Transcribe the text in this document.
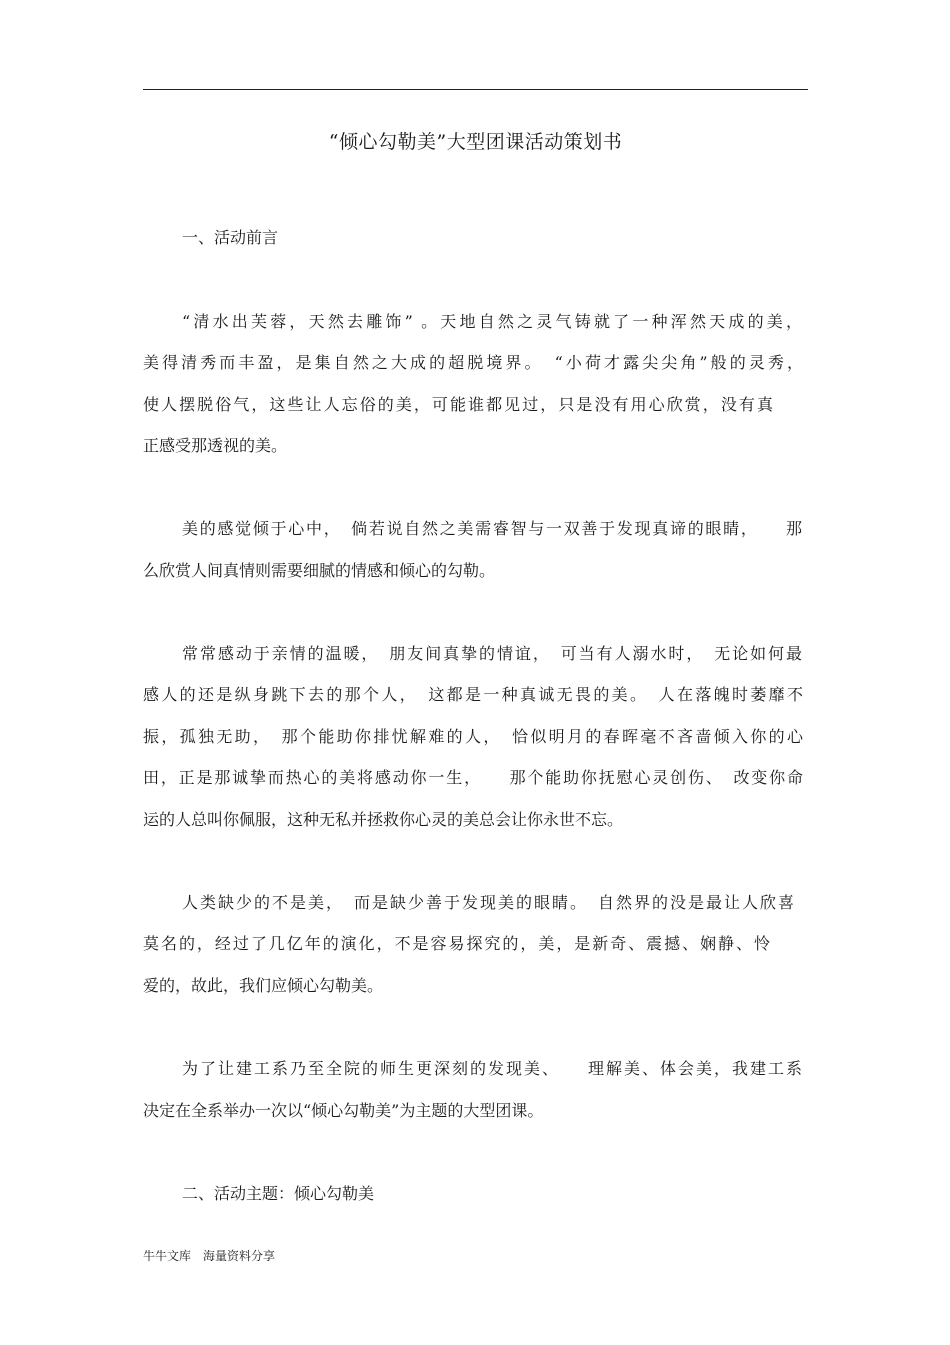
“倾心勾勒美”大型团课活动策划书
一、活动前言
“清水出芙蓉，天然去雕饰” 。天地自然之灵气铸就了一种浑然天成的美，
美得清秀而丰盈，是集自然之大成的超脱境界。　“小荷才露尖尖角”般的灵秀，
使人摆脱俗气，这些让人忘俗的美，可能谁都见过，只是没有用心欣赏，没有真
正感受那透视的美。
美的感觉倾于心中，　倘若说自然之美需睿智与一双善于发现真谛的眼睛，　　那
么欣赏人间真情则需要细腻的情感和倾心的勾勒。
常常感动于亲情的温暖，　朋友间真挚的情谊，　可当有人溺水时，　无论如何最
感人的还是纵身跳下去的那个人，　这都是一种真诚无畏的美。　人在落魄时萎靡不
振，孤独无助，　那个能助你排忧解难的人，　恰似明月的春晖毫不吝啬倾入你的心
田，正是那诚挚而热心的美将感动你一生，　　那个能助你抚慰心灵创伤、　改变你命
运的人总叫你佩服，这种无私并拯救你心灵的美总会让你永世不忘。
人类缺少的不是美，　而是缺少善于发现美的眼睛。　自然界的没是最让人欣喜
莫名的，经过了几亿年的演化，不是容易探究的，美，是新奇、震撼、娴静、怜
爱的，故此，我们应倾心勾勒美。
为了让建工系乃至全院的师生更深刻的发现美、　　理解美、体会美，我建工系
决定在全系举办一次以“倾心勾勒美”为主题的大型团课。
二、活动主题：倾心勾勒美
牛牛文库　海量资料分享
